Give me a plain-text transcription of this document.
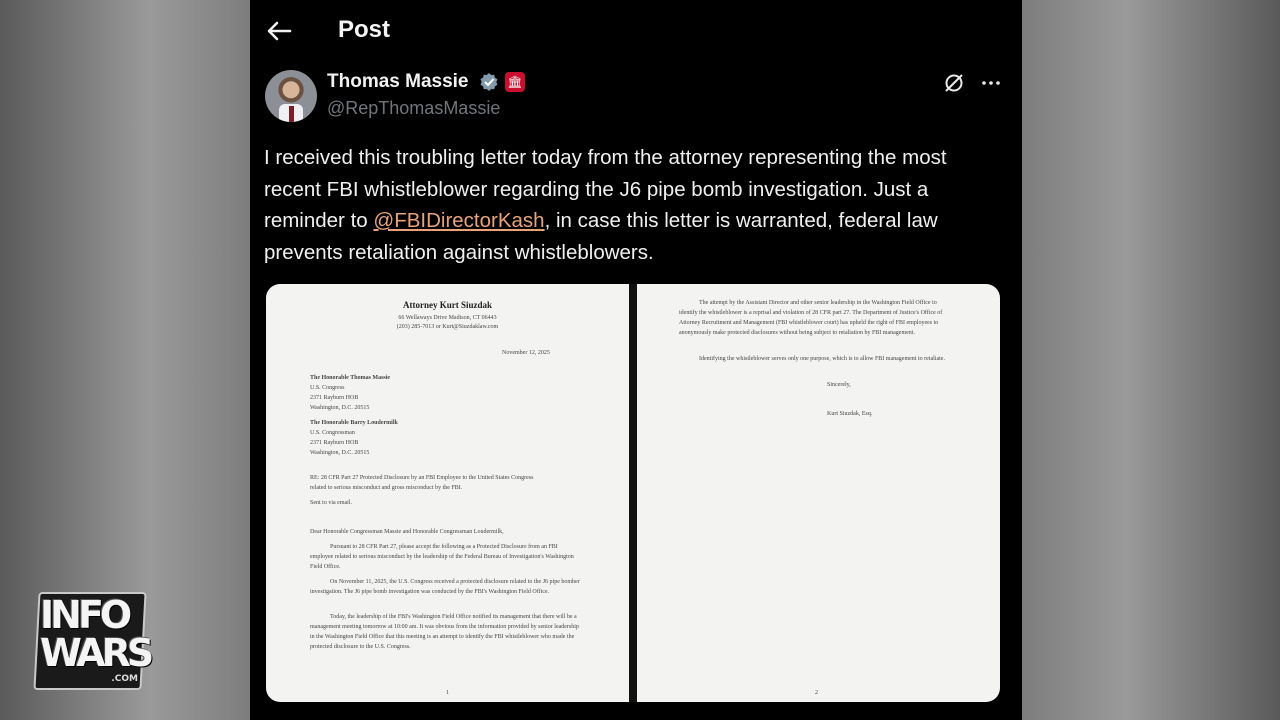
Post
Thomas Massie	🏛
@RepThomasMassie
I received this troubling letter today from the attorney representing the most recent FBI whistleblower regarding the J6 pipe bomb investigation. Just a reminder to @FBIDirectorKash, in case this letter is warranted, federal law prevents retaliation against whistleblowers.
Attorney Kurt Siuzdak
66 Wellaways Drive Madison, CT 06443
(203) 285-7013 or Kurt@Siuzdaklaw.com
November 12, 2025
The Honorable Thomas Massie
U.S. Congress
2371 Rayburn HOB
Washington, D.C. 20515
The Honorable Barry Loudermilk
U.S. Congressman
2371 Rayburn HOB
Washington, D.C. 20515
RE: 28 CFR Part 27 Protected Disclosure by an FBI Employee to the United States Congress
related to serious misconduct and gross misconduct by the FBI.
Sent to via email.
Dear Honorable Congressman Massie and Honorable Congressman Loudermilk,
Pursuant to 28 CFR Part 27, please accept the following as a Protected Disclosure from an FBI employee related to serious misconduct by the leadership of the Federal Bureau of Investigation's Washington Field Office.
On November 11, 2025, the U.S. Congress received a protected disclosure related to the J6 pipe bomber investigation. The J6 pipe bomb investigation was conducted by the FBI's Washington Field Office.
Today, the leadership of the FBI's Washington Field Office notified its management that there will be a management meeting tomorrow at 10:00 am. It was obvious from the information provided by senior leadership in the Washington Field Office that this meeting is an attempt to identify the FBI whistleblower who made the protected disclosure to the U.S. Congress.
1
The attempt by the Assistant Director and other senior leadership in the Washington Field Office to identify the whistleblower is a reprisal and violation of 28 CFR part 27. The Department of Justice's Office of Attorney Recruitment and Management (FBI whistleblower court) has upheld the right of FBI employees to anonymously make protected disclosures without being subject to retaliation by FBI management.
Identifying the whistleblower serves only one purpose, which is to allow FBI management to retaliate.
Sincerely,
Kurt Siuzdak, Esq.
2
INFO
WARS
.COM
